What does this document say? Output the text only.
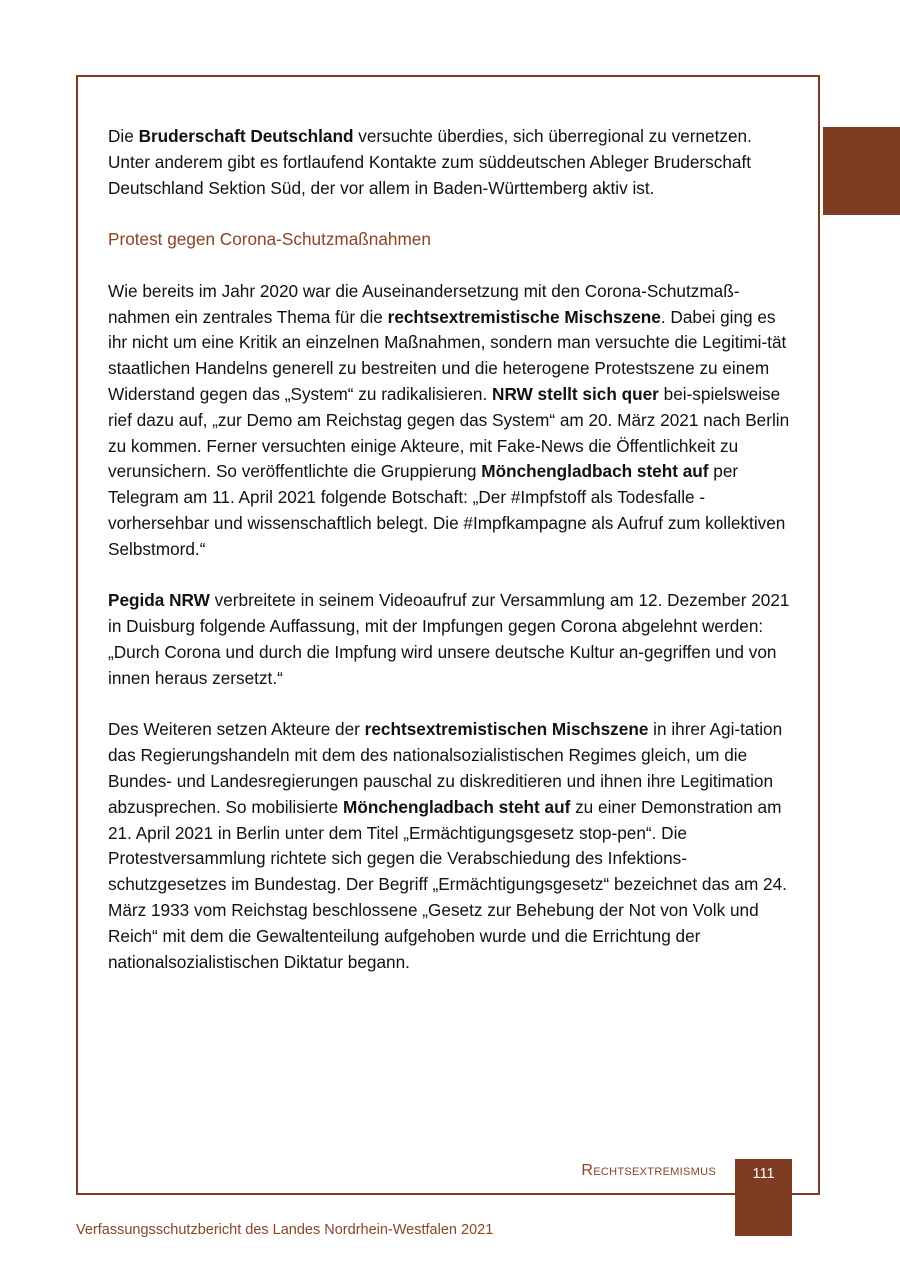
Die Bruderschaft Deutschland versuchte überdies, sich überregional zu vernetzen. Unter anderem gibt es fortlaufend Kontakte zum süddeutschen Ableger Bruderschaft Deutschland Sektion Süd, der vor allem in Baden-Württemberg aktiv ist.

Protest gegen Corona-Schutzmaßnahmen

Wie bereits im Jahr 2020 war die Auseinandersetzung mit den Corona-Schutzmaß-nahmen ein zentrales Thema für die rechtsextremistische Mischszene. Dabei ging es ihr nicht um eine Kritik an einzelnen Maßnahmen, sondern man versuchte die Legitimi-tät staatlichen Handelns generell zu bestreiten und die heterogene Protestszene zu einem Widerstand gegen das „System“ zu radikalisieren. NRW stellt sich quer bei-spielsweise rief dazu auf, „zur Demo am Reichstag gegen das System“ am 20. März 2021 nach Berlin zu kommen. Ferner versuchten einige Akteure, mit Fake-News die Öffentlichkeit zu verunsichern. So veröffentlichte die Gruppierung Mönchengladbach steht auf per Telegram am 11. April 2021 folgende Botschaft: „Der #Impfstoff als Todesfalle - vorhersehbar und wissenschaftlich belegt. Die #Impfkampagne als Aufruf zum kollektiven Selbstmord.“

Pegida NRW verbreitete in seinem Videoaufruf zur Versammlung am 12. Dezember 2021 in Duisburg folgende Auffassung, mit der Impfungen gegen Corona abgelehnt werden: „Durch Corona und durch die Impfung wird unsere deutsche Kultur an-gegriffen und von innen heraus zersetzt.“

Des Weiteren setzen Akteure der rechtsextremistischen Mischszene in ihrer Agi-tation das Regierungshandeln mit dem des nationalsozialistischen Regimes gleich, um die Bundes- und Landesregierungen pauschal zu diskreditieren und ihnen ihre Legitimation abzusprechen. So mobilisierte Mönchengladbach steht auf zu einer Demonstration am 21. April 2021 in Berlin unter dem Titel „Ermächtigungsgesetz stop-pen“. Die Protestversammlung richtete sich gegen die Verabschiedung des Infektions-schutzgesetzes im Bundestag. Der Begriff „Ermächtigungsgesetz“ bezeichnet das am 24. März 1933 vom Reichstag beschlossene „Gesetz zur Behebung der Not von Volk und Reich“ mit dem die Gewaltenteilung aufgehoben wurde und die Errichtung der nationalsozialistischen Diktatur begann.

Rechtsextremismus	111
Verfassungsschutzbericht des Landes Nordrhein-Westfalen 2021
